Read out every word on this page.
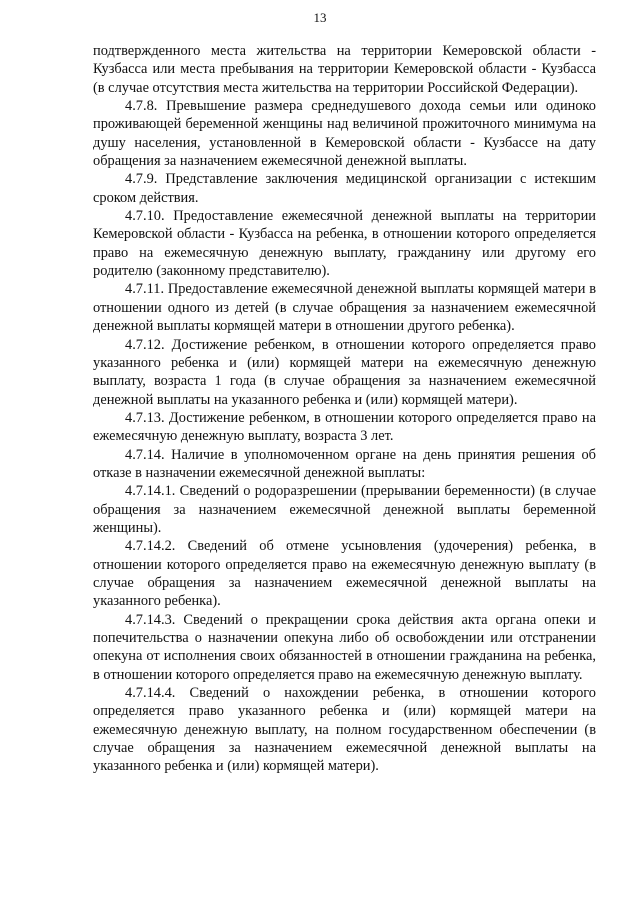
13

подтвержденного места жительства на территории Кемеровской области - Кузбасса или места пребывания на территории Кемеровской области - Кузбасса (в случае отсутствия места жительства на территории Российской Федерации).

4.7.8. Превышение размера среднедушевого дохода семьи или одиноко проживающей беременной женщины над величиной прожиточного минимума на душу населения, установленной в Кемеровской области - Кузбассе на дату обращения за назначением ежемесячной денежной выплаты.

4.7.9. Представление заключения медицинской организации с истекшим сроком действия.

4.7.10. Предоставление ежемесячной денежной выплаты на территории Кемеровской области - Кузбасса на ребенка, в отношении которого определяется право на ежемесячную денежную выплату, гражданину или другому его родителю (законному представителю).

4.7.11. Предоставление ежемесячной денежной выплаты кормящей матери в отношении одного из детей (в случае обращения за назначением ежемесячной денежной выплаты кормящей матери в отношении другого ребенка).

4.7.12. Достижение ребенком, в отношении которого определяется право указанного ребенка и (или) кормящей матери на ежемесячную денежную выплату, возраста 1 года (в случае обращения за назначением ежемесячной денежной выплаты на указанного ребенка и (или) кормящей матери).

4.7.13. Достижение ребенком, в отношении которого определяется право на ежемесячную денежную выплату, возраста 3 лет.

4.7.14. Наличие в уполномоченном органе на день принятия решения об отказе в назначении ежемесячной денежной выплаты:

4.7.14.1. Сведений о родоразрешении (прерывании беременности) (в случае обращения за назначением ежемесячной денежной выплаты беременной женщины).

4.7.14.2. Сведений об отмене усыновления (удочерения) ребенка, в отношении которого определяется право на ежемесячную денежную выплату (в случае обращения за назначением ежемесячной денежной выплаты на указанного ребенка).

4.7.14.3. Сведений о прекращении срока действия акта органа опеки и попечительства о назначении опекуна либо об освобождении или отстранении опекуна от исполнения своих обязанностей в отношении гражданина на ребенка, в отношении которого определяется право на ежемесячную денежную выплату.

4.7.14.4. Сведений о нахождении ребенка, в отношении которого определяется право указанного ребенка и (или) кормящей матери на ежемесячную денежную выплату, на полном государственном обеспечении (в случае обращения за назначением ежемесячной денежной выплаты на указанного ребенка и (или) кормящей матери).
